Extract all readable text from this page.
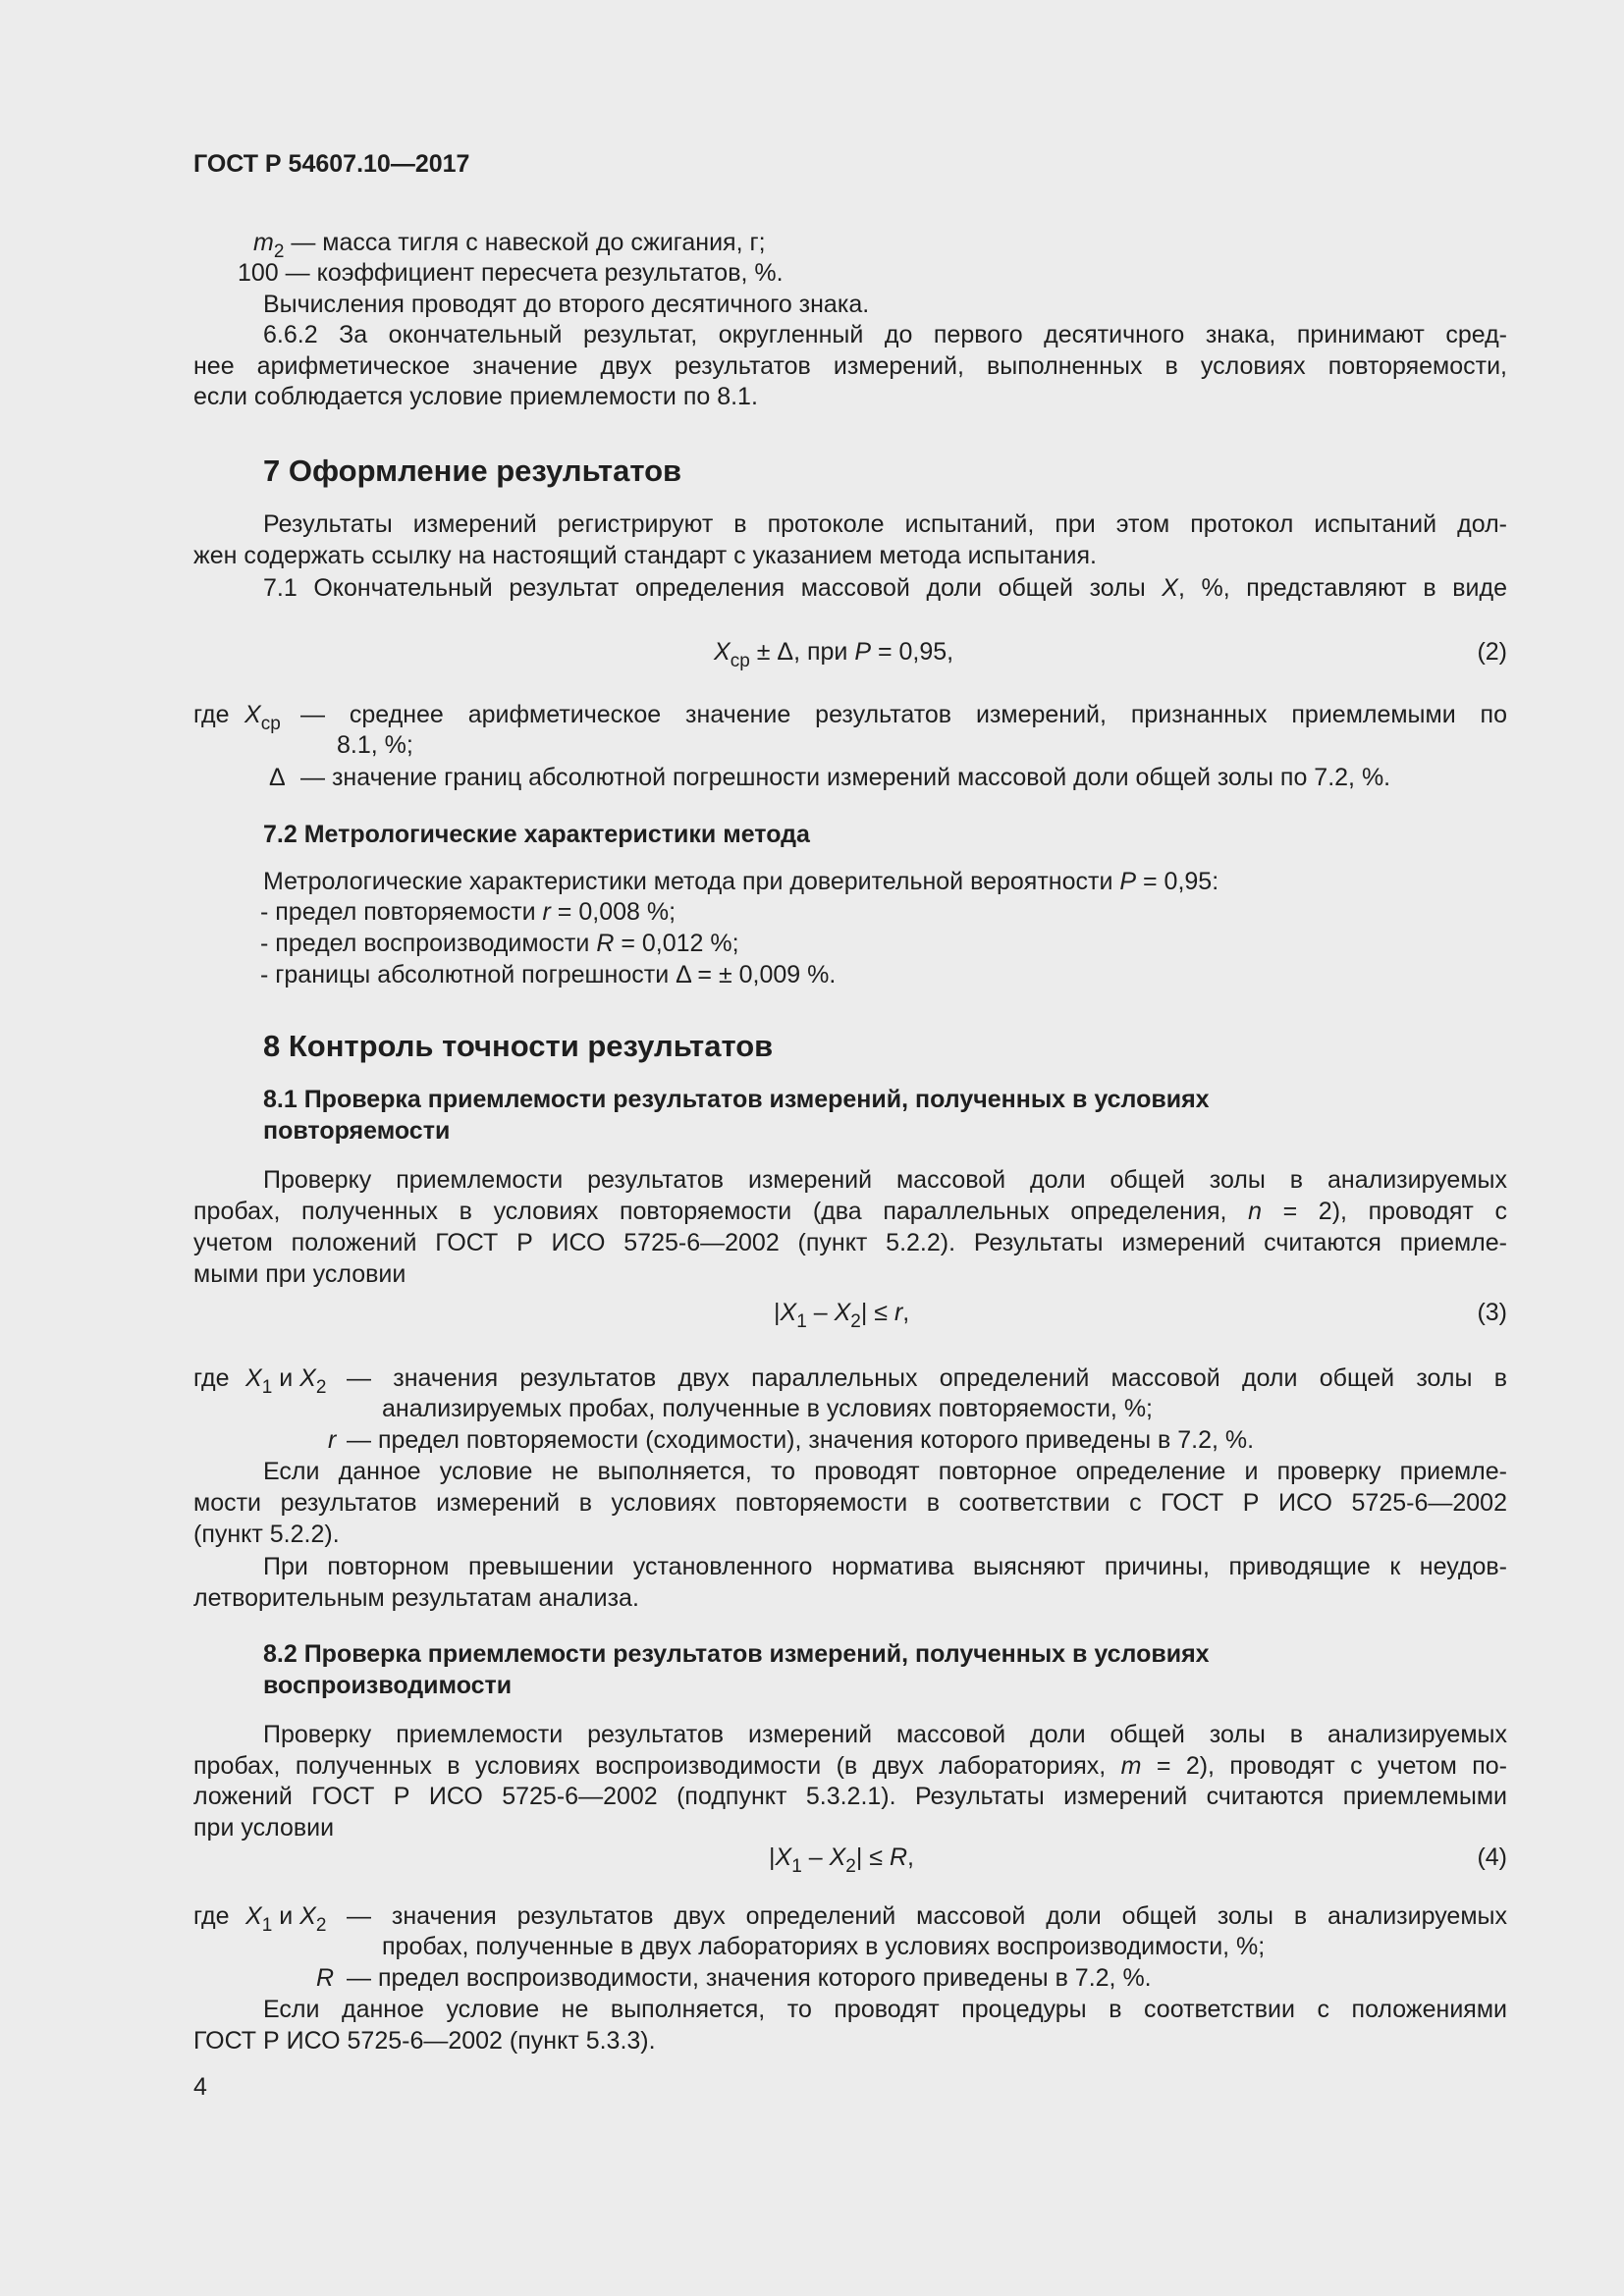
ГОСТ Р 54607.10—2017
$m_2$ — масса тигля с навеской до сжигания, г;
100 — коэффициент пересчета результатов, %.
Вычисления проводят до второго десятичного знака.
6.6.2 За окончательный результат, округленный до первого десятичного знака, принимают сред-
нее арифметическое значение двух результатов измерений, выполненных в условиях повторяемости,
если соблюдается условие приемлемости по 8.1.
7 Оформление результатов
Результаты измерений регистрируют в протоколе испытаний, при этом протокол испытаний дол-
жен содержать ссылку на настоящий стандарт с указанием метода испытания.
7.1 Окончательный результат определения массовой доли общей золы X, %, представляют в виде
$X_{ср} \pm \Delta$, при P = 0,95,	(2)
где $X_{ср}$ — среднее арифметическое значение результатов измерений, признанных приемлемыми по
8.1, %;
Δ — значение границ абсолютной погрешности измерений массовой доли общей золы по 7.2, %.
7.2 Метрологические характеристики метода
Метрологические характеристики метода при доверительной вероятности P = 0,95:
- предел повторяемости r = 0,008 %;
- предел воспроизводимости R = 0,012 %;
- границы абсолютной погрешности Δ = ± 0,009 %.
8 Контроль точности результатов
8.1 Проверка приемлемости результатов измерений, полученных в условиях
повторяемости
Проверку приемлемости результатов измерений массовой доли общей золы в анализируемых
пробах, полученных в условиях повторяемости (два параллельных определения, n = 2), проводят с
учетом положений ГОСТ Р ИСО 5725-6—2002 (пункт 5.2.2). Результаты измерений считаются приемле-
мыми при условии
$|X_1 - X_2| \le r$,	(3)
где $X_1$ и $X_2$ — значения результатов двух параллельных определений массовой доли общей золы в
анализируемых пробах, полученные в условиях повторяемости, %;
r — предел повторяемости (сходимости), значения которого приведены в 7.2, %.
Если данное условие не выполняется, то проводят повторное определение и проверку приемле-
мости результатов измерений в условиях повторяемости в соответствии с ГОСТ Р ИСО 5725-6—2002
(пункт 5.2.2).
При повторном превышении установленного норматива выясняют причины, приводящие к неудов-
летворительным результатам анализа.
8.2 Проверка приемлемости результатов измерений, полученных в условиях
воспроизводимости
Проверку приемлемости результатов измерений массовой доли общей золы в анализируемых
пробах, полученных в условиях воспроизводимости (в двух лабораториях, m = 2), проводят с учетом по-
ложений ГОСТ Р ИСО 5725-6—2002 (подпункт 5.3.2.1). Результаты измерений считаются приемлемыми
при условии
$|X_1 - X_2| \le R$,	(4)
где $X_1$ и $X_2$ — значения результатов двух определений массовой доли общей золы в анализируемых
пробах, полученные в двух лабораториях в условиях воспроизводимости, %;
R — предел воспроизводимости, значения которого приведены в 7.2, %.
Если данное условие не выполняется, то проводят процедуры в соответствии с положениями
ГОСТ Р ИСО 5725-6—2002 (пункт 5.3.3).
4
